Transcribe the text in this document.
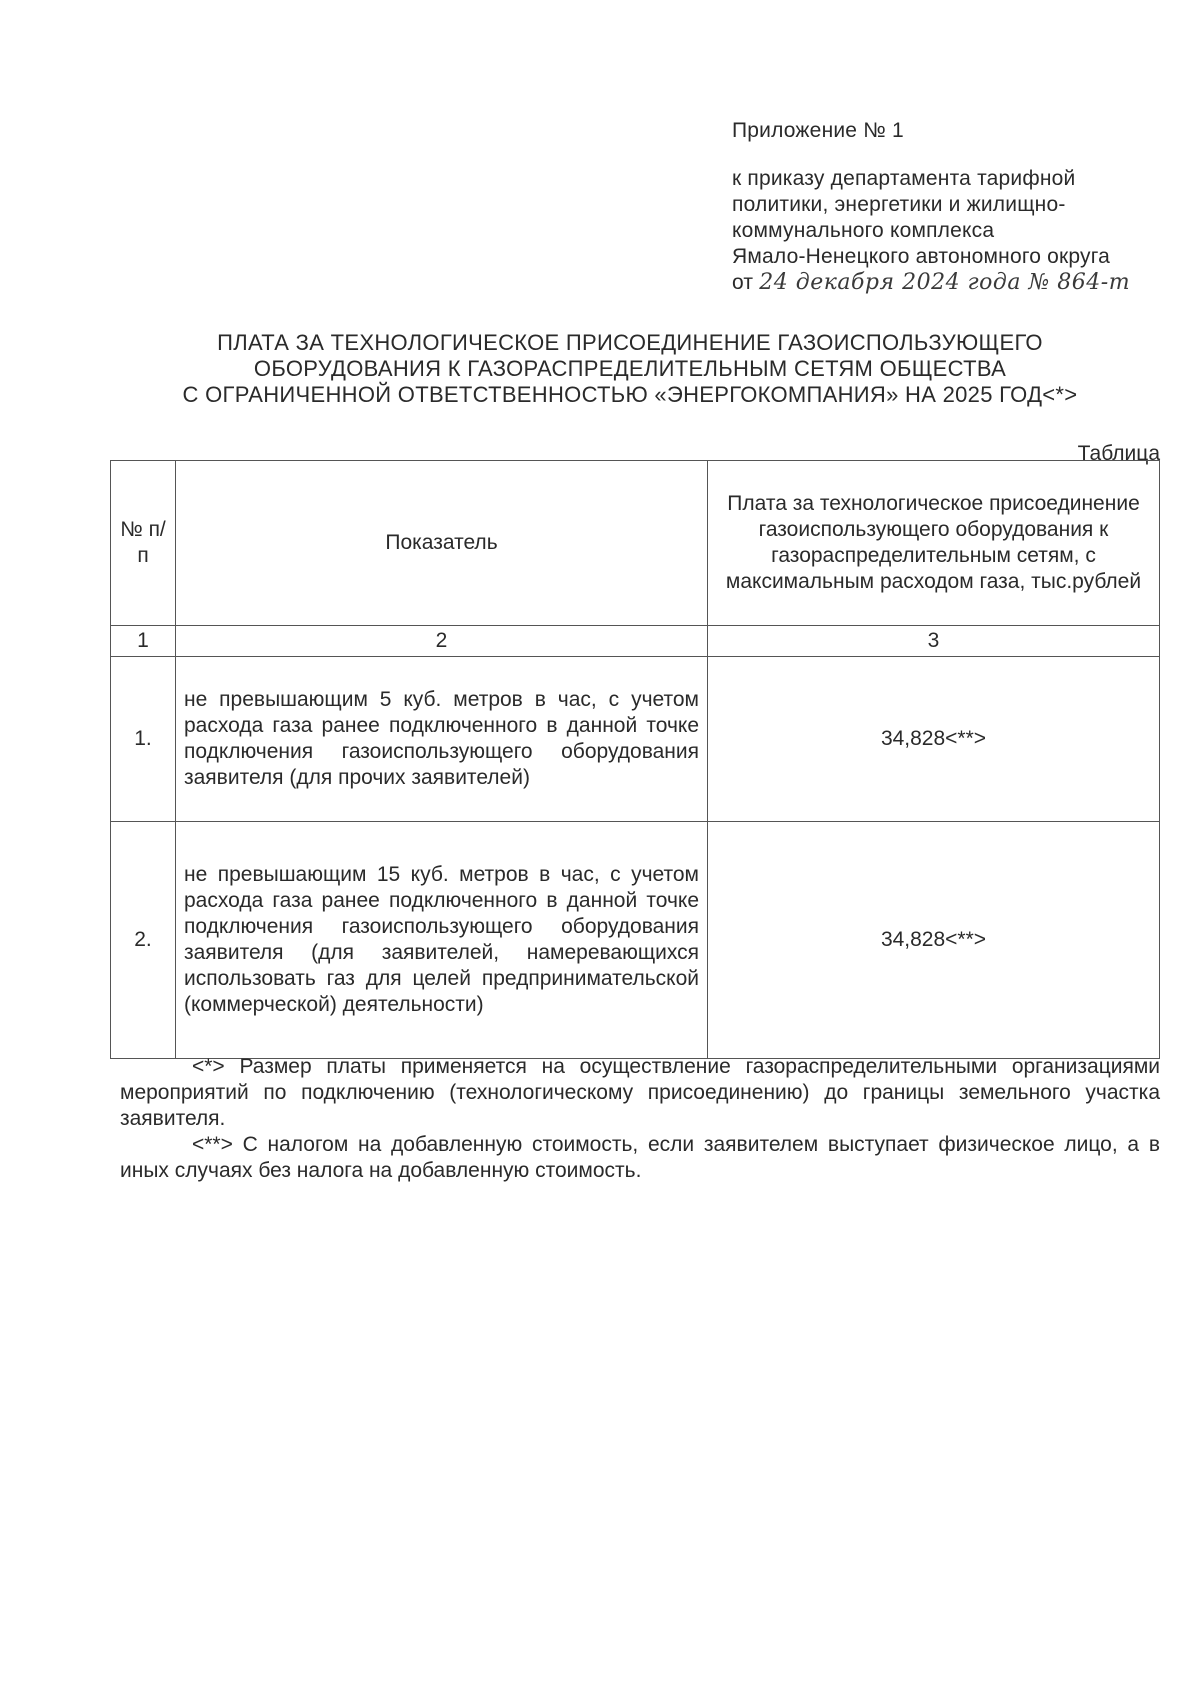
Приложение № 1
к приказу департамента тарифной
политики, энергетики и жилищно-
коммунального комплекса
Ямало-Ненецкого автономного округа
от 24 декабря 2024 года № 864-т
ПЛАТА ЗА ТЕХНОЛОГИЧЕСКОЕ ПРИСОЕДИНЕНИЕ ГАЗОИСПОЛЬЗУЮЩЕГО
ОБОРУДОВАНИЯ К ГАЗОРАСПРЕДЕЛИТЕЛЬНЫМ СЕТЯМ ОБЩЕСТВА
С ОГРАНИЧЕННОЙ ОТВЕТСТВЕННОСТЬЮ «ЭНЕРГОКОМПАНИЯ» НА 2025 ГОД<*>
Таблица
№ п/п	Показатель	Плата за технологическое присоединение газоиспользующего оборудования к газораспределительным сетям, с максимальным расходом газа, тыс.рублей
1	2	3
1.	не превышающим 5 куб. метров в час, с учетом расхода газа ранее подключенного в данной точке подключения газоиспользующего оборудования заявителя (для прочих заявителей)	34,828<**>
2.	не превышающим 15 куб. метров в час, с учетом расхода газа ранее подключенного в данной точке подключения газоиспользующего оборудования заявителя (для заявителей, намеревающихся использовать газ для целей предпринимательской (коммерческой) деятельности)	34,828<**>

<*> Размер платы применяется на осуществление газораспределительными организациями мероприятий по подключению (технологическому присоединению) до границы земельного участка заявителя.

<**> С налогом на добавленную стоимость, если заявителем выступает физическое лицо, а в иных случаях без налога на добавленную стоимость.
